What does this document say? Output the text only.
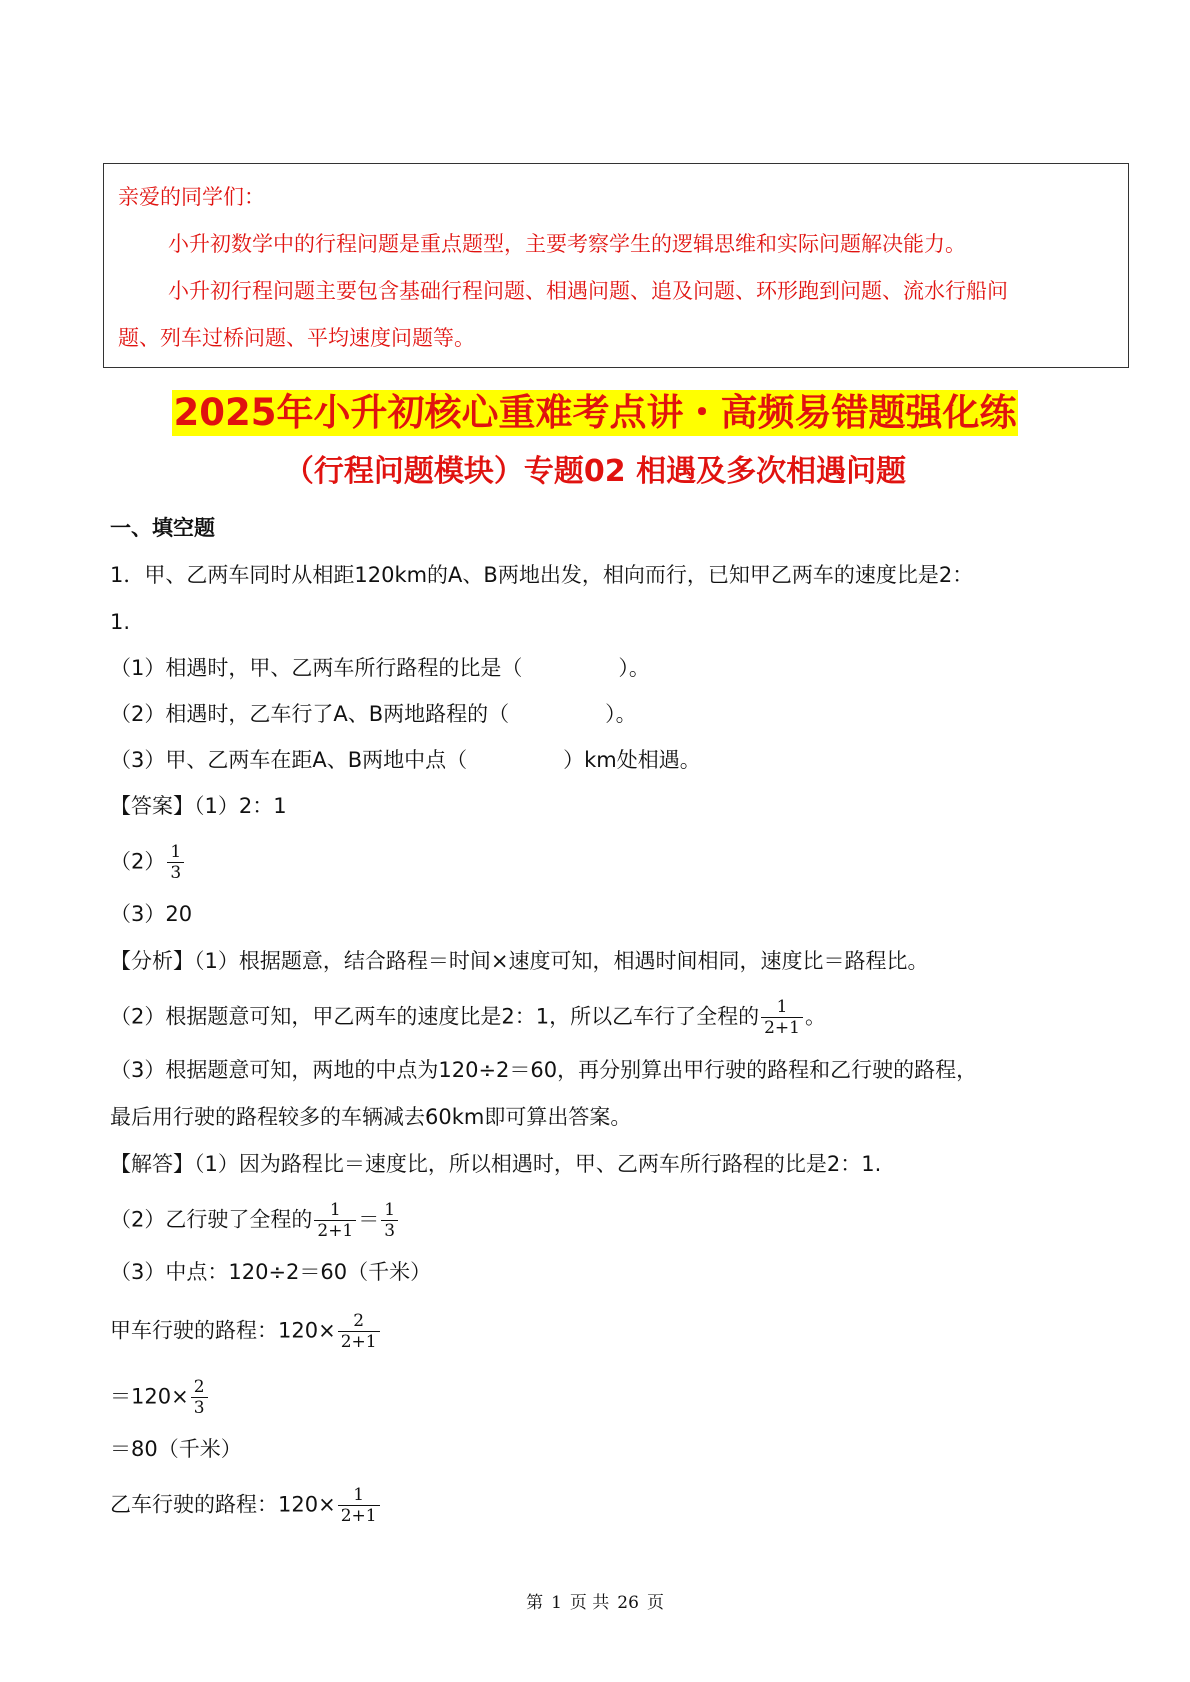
亲爱的同学们：

小升初数学中的行程问题是重点题型，主要考察学生的逻辑思维和实际问题解决能力。

小升初行程问题主要包含基础行程问题、相遇问题、追及问题、环形跑到问题、流水行船问

题、列车过桥问题、平均速度问题等。

2025年小升初核心重难考点讲・高频易错题强化练
（行程问题模块）专题02 相遇及多次相遇问题
一、填空题
1．甲、乙两车同时从相距120km的A、B两地出发，相向而行，已知甲乙两车的速度比是2：
1.
（1）相遇时，甲、乙两车所行路程的比是（	）。
（2）相遇时，乙车行了A、B两地路程的（	）。
（3）甲、乙两车在距A、B两地中点（	）km处相遇。
【答案】（1）2：1
$(2) \frac{1}{3}$
（3）20
【分析】（1）根据题意，结合路程＝时间×速度可知，相遇时间相同，速度比＝路程比。
（2）根据题意可知，甲乙两车的速度比是2：1，所以乙车行了全程的 $\frac{1}{2+1}$ 。
（3）根据题意可知，两地的中点为120÷2＝60，再分别算出甲行驶的路程和乙行驶的路程，
最后用行驶的路程较多的车辆减去60km即可算出答案。
【解答】（1）因为路程比＝速度比，所以相遇时，甲、乙两车所行路程的比是2：1.
（2）乙行驶了全程的 $\frac{1}{2+1} = \frac{1}{3}$
（3）中点：120÷2＝60（千米）
甲车行驶的路程：$120\times \frac{2}{2+1}$
$=120\times \frac{2}{3}$
＝80（千米）
乙车行驶的路程：$120\times \frac{1}{2+1}$
第 1 页 共 26 页
